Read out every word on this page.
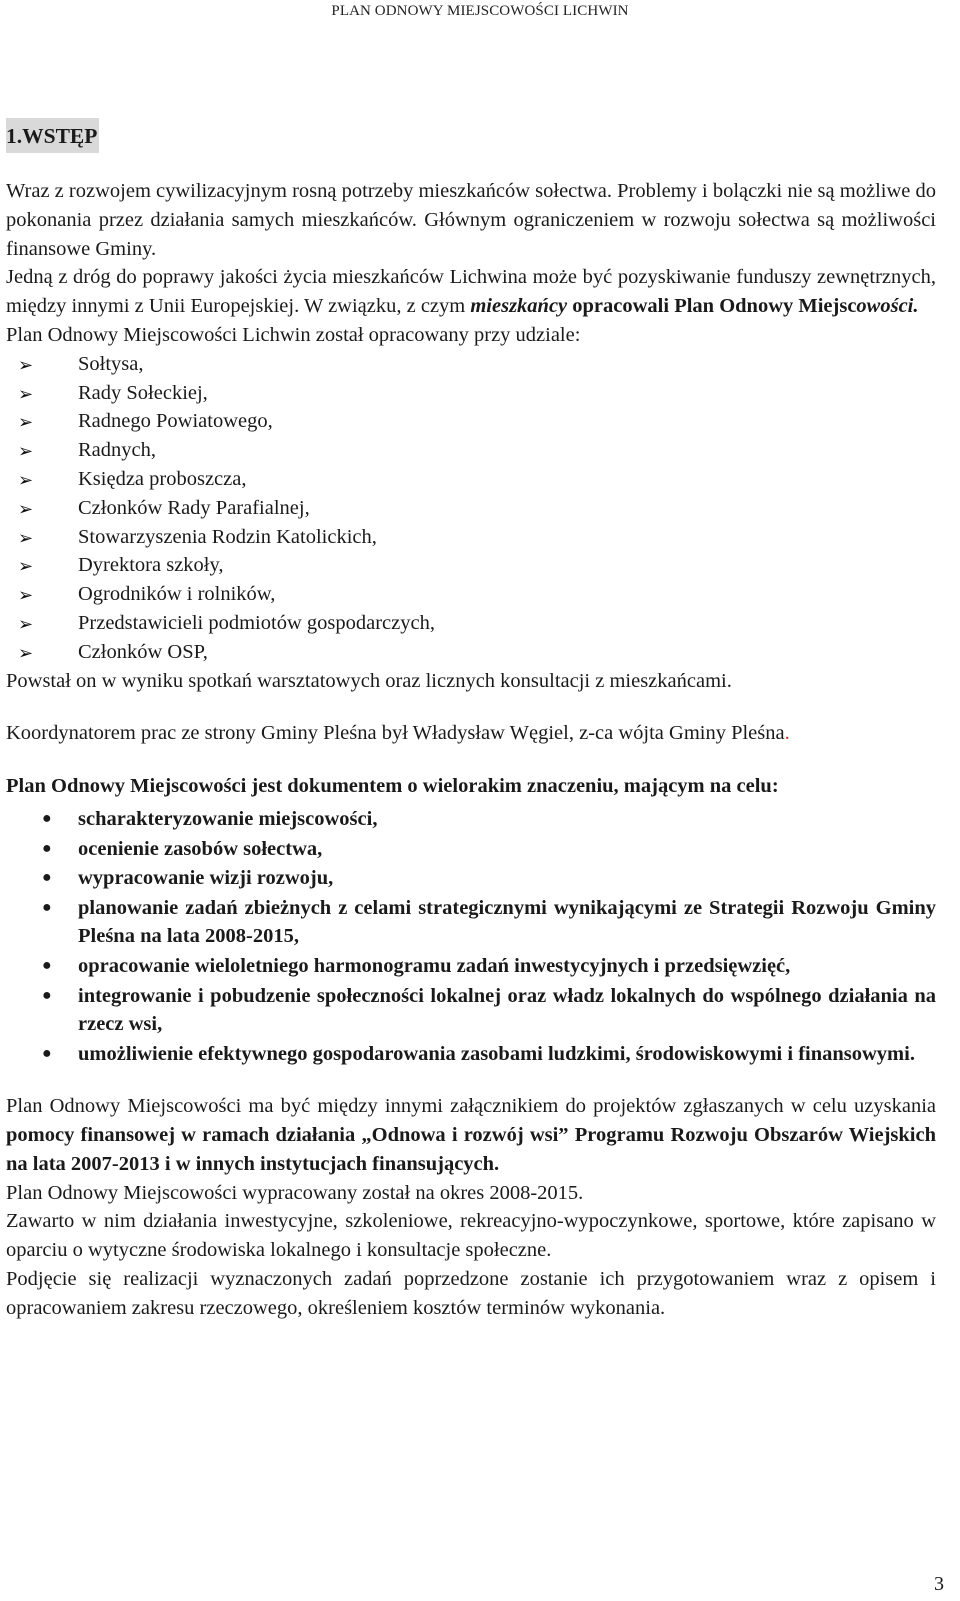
PLAN ODNOWY MIEJSCOWOŚCI LICHWIN
1.WSTĘP

Wraz z rozwojem cywilizacyjnym rosną potrzeby mieszkańców sołectwa. Problemy i bolączki nie są możliwe do pokonania przez działania samych mieszkańców. Głównym ograniczeniem w rozwoju sołectwa są możliwości finansowe Gminy.

Jedną z dróg do poprawy jakości życia mieszkańców Lichwina może być pozyskiwanie funduszy zewnętrznych, między innymi z Unii Europejskiej. W związku, z czym mieszkańcy opracowali Plan Odnowy Miejscowości.

Plan Odnowy Miejscowości Lichwin został opracowany przy udziale:

➢ Sołtysa,
➢ Rady Sołeckiej,
➢ Radnego Powiatowego,
➢ Radnych,
➢ Księdza proboszcza,
➢ Członków Rady Parafialnej,
➢ Stowarzyszenia Rodzin Katolickich,
➢ Dyrektora szkoły,
➢ Ogrodników i rolników,
➢ Przedstawicieli podmiotów gospodarczych,
➢ Członków OSP,

Powstał on w wyniku spotkań warsztatowych oraz licznych konsultacji z mieszkańcami.

Koordynatorem prac ze strony Gminy Pleśna był Władysław Węgiel, z-ca wójta Gminy Pleśna.

Plan Odnowy Miejscowości jest dokumentem o wielorakim znaczeniu, mającym na celu:

● scharakteryzowanie miejscowości,
● ocenienie zasobów sołectwa,
● wypracowanie wizji rozwoju,
● planowanie zadań zbieżnych z celami strategicznymi wynikającymi ze Strategii Rozwoju Gminy Pleśna na lata 2008-2015,
● opracowanie wieloletniego harmonogramu zadań inwestycyjnych i przedsięwzięć,
● integrowanie i pobudzenie społeczności lokalnej oraz władz lokalnych do wspólnego działania na rzecz wsi,
● umożliwienie efektywnego gospodarowania zasobami ludzkimi, środowiskowymi i finansowymi.

Plan Odnowy Miejscowości ma być między innymi załącznikiem do projektów zgłaszanych w celu uzyskania pomocy finansowej w ramach działania „Odnowa i rozwój wsi” Programu Rozwoju Obszarów Wiejskich na lata 2007-2013 i w innych instytucjach finansujących.

Plan Odnowy Miejscowości wypracowany został na okres 2008-2015.

Zawarto w nim działania inwestycyjne, szkoleniowe, rekreacyjno-wypoczynkowe, sportowe, które zapisano w oparciu o wytyczne środowiska lokalnego i konsultacje społeczne.

Podjęcie się realizacji wyznaczonych zadań poprzedzone zostanie ich przygotowaniem wraz z opisem i opracowaniem zakresu rzeczowego, określeniem kosztów terminów wykonania.

3
